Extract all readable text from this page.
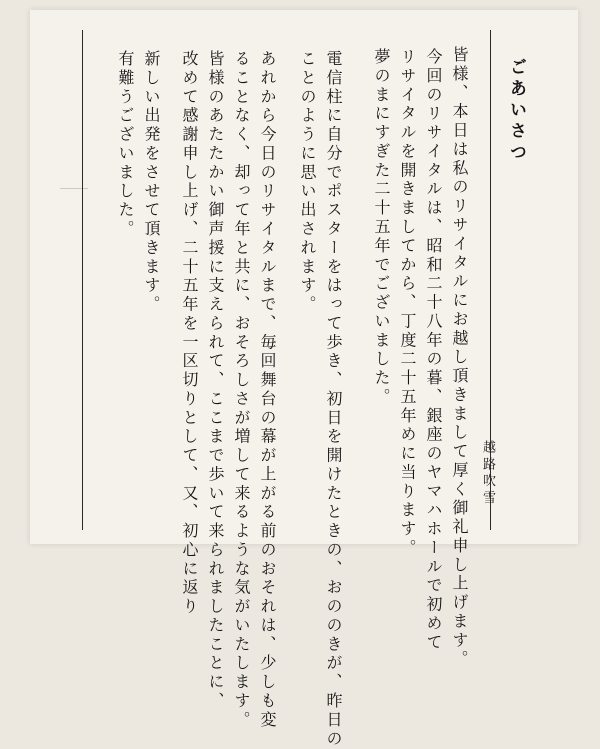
ごあいさつ
越路吹雪
皆様、本日は私のリサイタルにお越し頂きまして厚く御礼申し上げます。
今回のリサイタルは、昭和二十八年の暮、銀座のヤマハホールで初めて
リサイタルを開きましてから、丁度二十五年めに当ります。
夢のまにすぎた二十五年でございました。
電信柱に自分でポスターをはって歩き、初日を開けたときの、おののきが、昨日の
ことのように思い出されます。
あれから今日のリサイタルまで、毎回舞台の幕が上がる前のおそれは、少しも変
ることなく、却って年と共に、おそろしさが増して来るような気がいたします。
皆様のあたたかい御声援に支えられて、ここまで歩いて来られましたことに、
改めて感謝申し上げ、二十五年を一区切りとして、又、初心に返り
新しい出発をさせて頂きます。
有難うございました。
